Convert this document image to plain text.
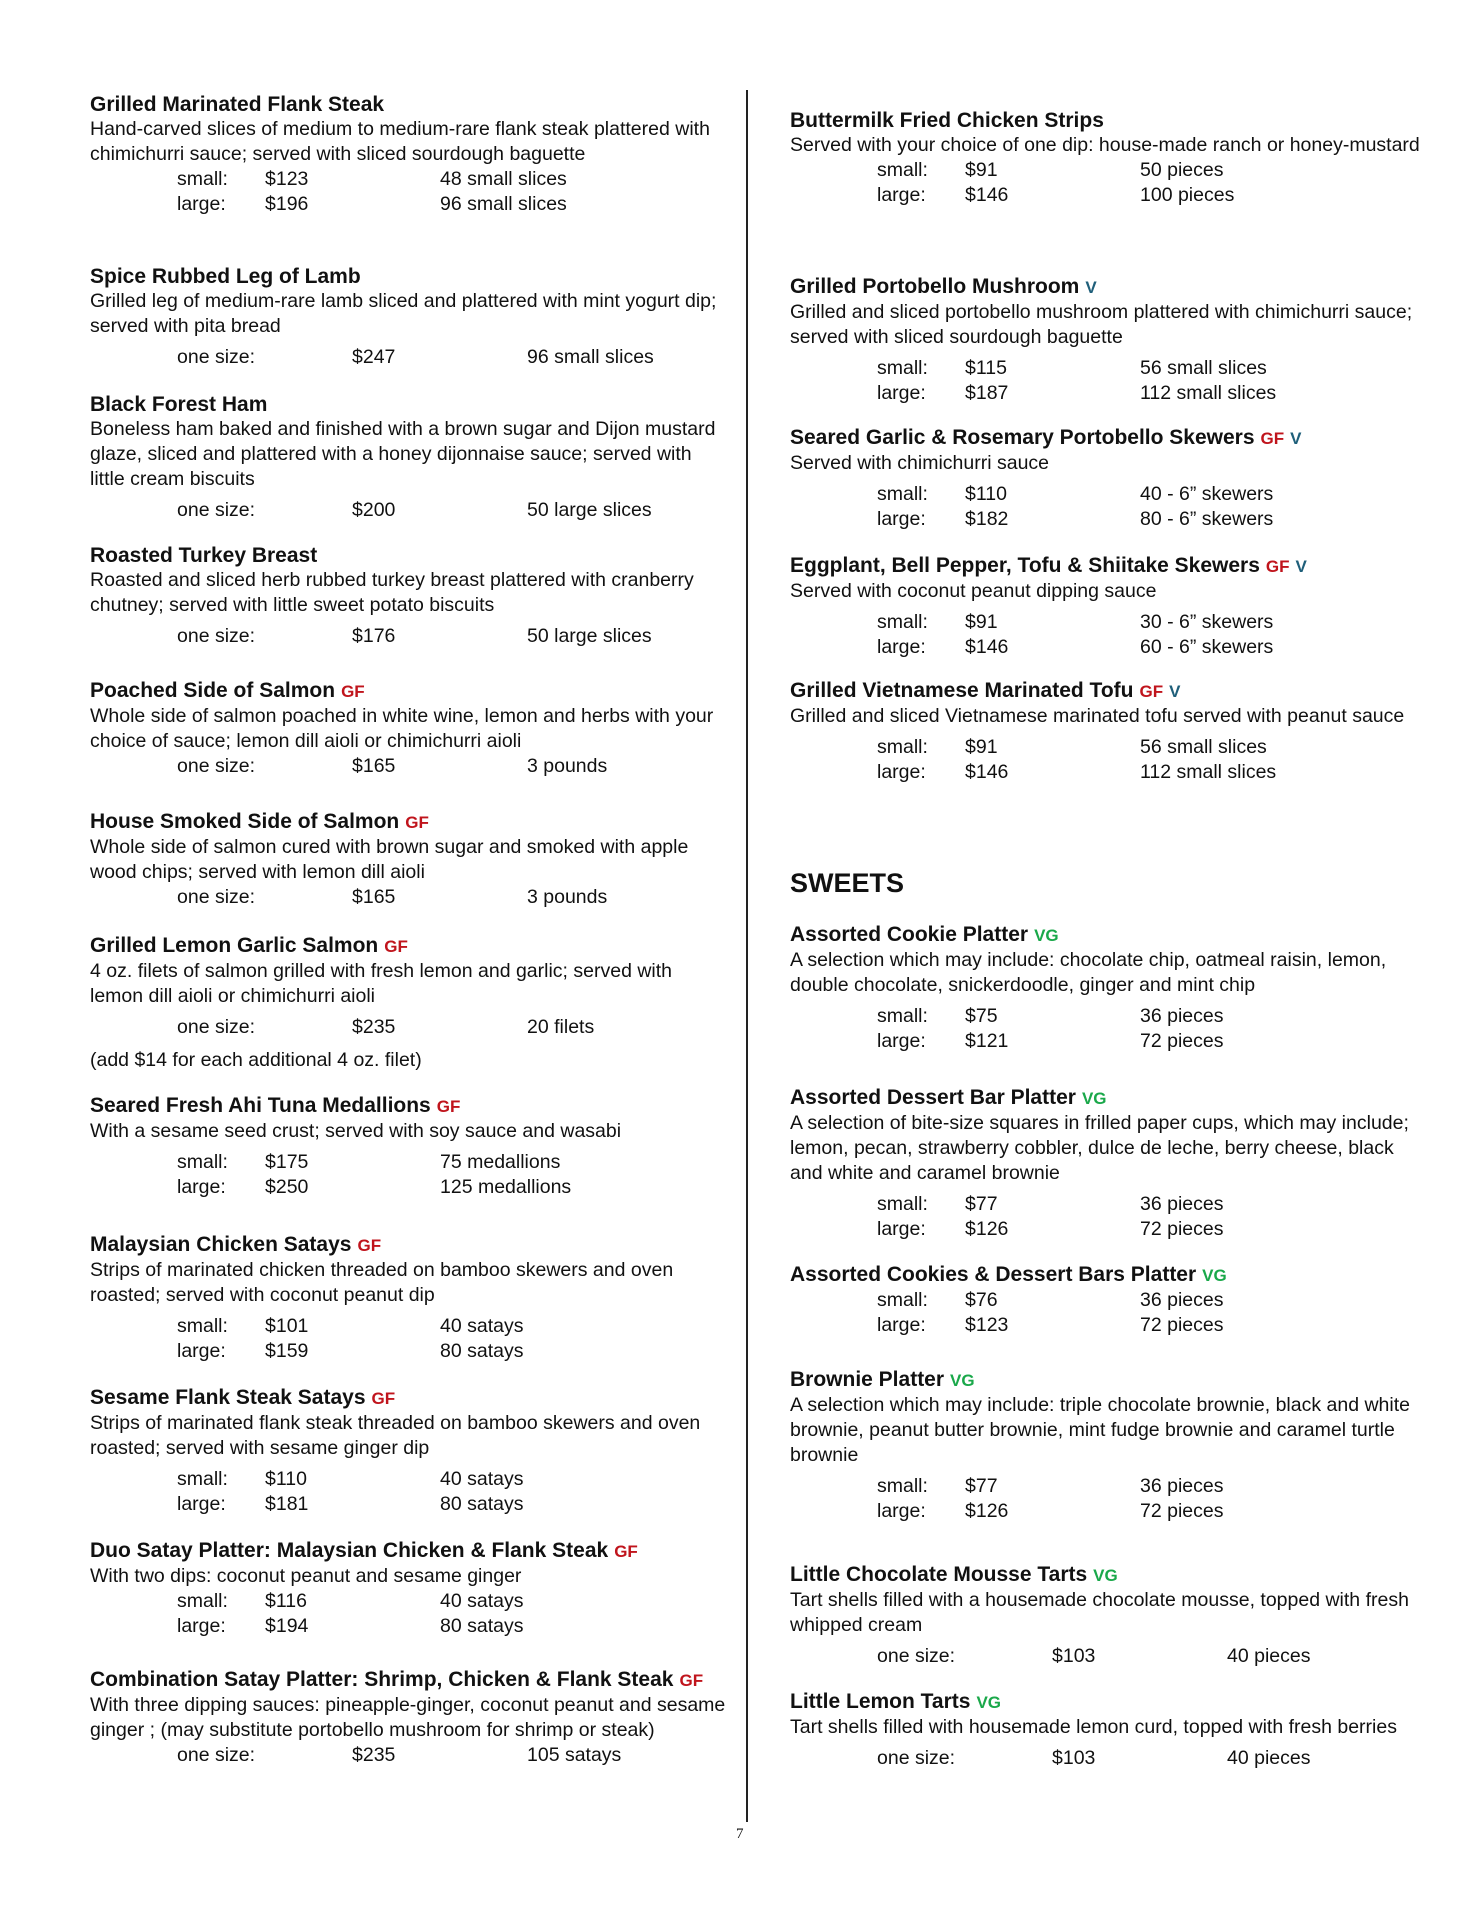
Grilled Marinated Flank Steak
Hand-carved slices of medium to medium-rare flank steak plattered with chimichurri sauce; served with sliced sourdough baguette
small: $123	48 small slices
large: $196	96 small slices
Spice Rubbed Leg of Lamb
Grilled leg of medium-rare lamb sliced and plattered with mint yogurt dip; served with pita bread
one size:	$247	96 small slices
Black Forest Ham
Boneless ham baked and finished with a brown sugar and Dijon mustard glaze, sliced and plattered with a honey dijonnaise sauce; served with little cream biscuits
one size:	$200	50 large slices
Roasted Turkey Breast
Roasted and sliced herb rubbed turkey breast plattered with cranberry chutney; served with little sweet potato biscuits
one size:	$176	50 large slices
Poached Side of Salmon GF
Whole side of salmon poached in white wine, lemon and herbs with your choice of sauce; lemon dill aioli or chimichurri aioli
one size:	$165	3 pounds
House Smoked Side of Salmon GF
Whole side of salmon cured with brown sugar and smoked with apple wood chips; served with lemon dill aioli
one size:	$165	3 pounds
Grilled Lemon Garlic Salmon GF
4 oz. filets of salmon grilled with fresh lemon and garlic; served with lemon dill aioli or chimichurri aioli
one size:	$235	20 filets
(add $14 for each additional 4 oz. filet)
Seared Fresh Ahi Tuna Medallions GF
With a sesame seed crust; served with soy sauce and wasabi
small: $175	75 medallions
large: $250	125 medallions
Malaysian Chicken Satays GF
Strips of marinated chicken threaded on bamboo skewers and oven roasted; served with coconut peanut dip
small: $101	40 satays
large: $159	80 satays
Sesame Flank Steak Satays GF
Strips of marinated flank steak threaded on bamboo skewers and oven roasted; served with sesame ginger dip
small: $110	40 satays
large: $181	80 satays
Duo Satay Platter: Malaysian Chicken & Flank Steak GF
With two dips: coconut peanut and sesame ginger
small: $116	40 satays
large: $194	80 satays
Combination Satay Platter: Shrimp, Chicken & Flank Steak GF
With three dipping sauces: pineapple-ginger, coconut peanut and sesame ginger ; (may substitute portobello mushroom for shrimp or steak)
one size:	$235	105 satays
SWEETS
Buttermilk Fried Chicken Strips
Served with your choice of one dip: house-made ranch or honey-mustard
small: $91	50 pieces
large: $146	100 pieces
Grilled Portobello Mushroom V
Grilled and sliced portobello mushroom plattered with chimichurri sauce; served with sliced sourdough baguette
small: $115	56 small slices
large: $187	112 small slices
Seared Garlic & Rosemary Portobello Skewers GF V
Served with chimichurri sauce
small: $110	40 - 6” skewers
large: $182	80 - 6” skewers
Eggplant, Bell Pepper, Tofu & Shiitake Skewers GF V
Served with coconut peanut dipping sauce
small: $91	30 - 6” skewers
large: $146	60 - 6” skewers
Grilled Vietnamese Marinated Tofu GF V
Grilled and sliced Vietnamese marinated tofu served with peanut sauce
small: $91	56 small slices
large: $146	112 small slices
Assorted Cookie Platter VG
A selection which may include: chocolate chip, oatmeal raisin, lemon, double chocolate, snickerdoodle, ginger and mint chip
small: $75	36 pieces
large: $121	72 pieces
Assorted Dessert Bar Platter VG
A selection of bite-size squares in frilled paper cups, which may include; lemon, pecan, strawberry cobbler, dulce de leche, berry cheese, black and white and caramel brownie
small: $77	36 pieces
large: $126	72 pieces
Assorted Cookies & Dessert Bars Platter VG
small: $76	36 pieces
large: $123	72 pieces
Brownie Platter VG
A selection which may include: triple chocolate brownie, black and white brownie, peanut butter brownie, mint fudge brownie and caramel turtle brownie
small: $77	36 pieces
large: $126	72 pieces
Little Chocolate Mousse Tarts VG
Tart shells filled with a housemade chocolate mousse, topped with fresh whipped cream
one size:	$103	40 pieces
Little Lemon Tarts VG
Tart shells filled with housemade lemon curd, topped with fresh berries
one size:	$103	40 pieces
7
